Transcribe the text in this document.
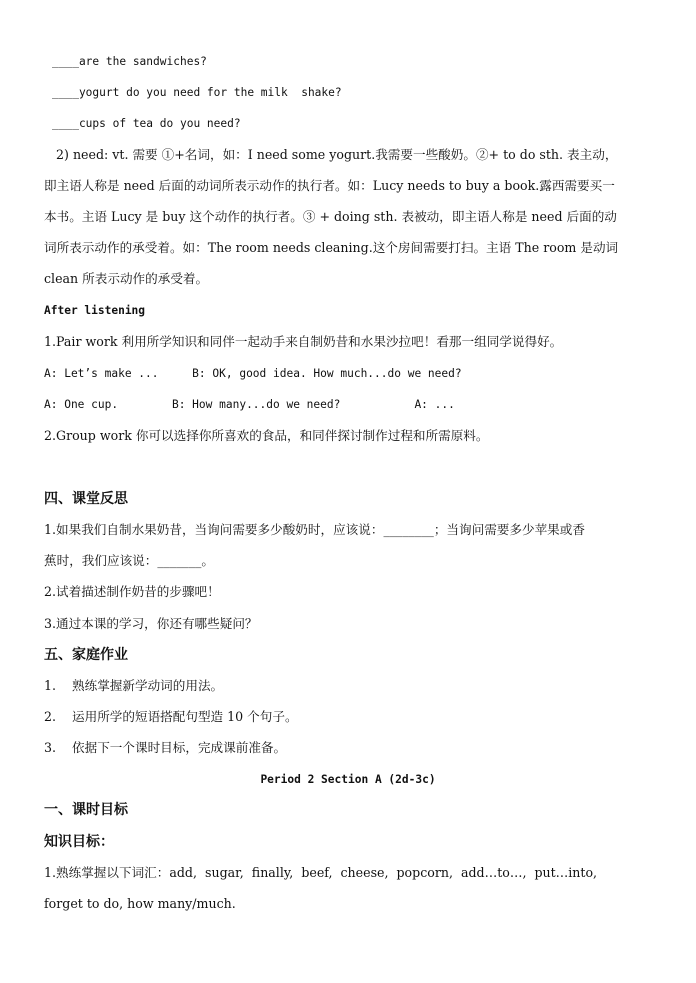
____are the sandwiches?
____yogurt do you need for the milk  shake?
____cups of tea do you need?
2) need: vt. 需要 ①+名词，如：I need some yogurt.我需要一些酸奶。②+ to do sth. 表主动，
即主语人称是 need 后面的动词所表示动作的执行者。如：Lucy needs to buy a book.露西需要买一
本书。主语 Lucy 是 buy 这个动作的执行者。③ + doing sth. 表被动，即主语人称是 need 后面的动
词所表示动作的承受着。如：The room needs cleaning.这个房间需要打扫。主语 The room 是动词
clean 所表示动作的承受着。
After listening
1.Pair work 利用所学知识和同伴一起动手来自制奶昔和水果沙拉吧！看那一组同学说得好。
A: Let’s make ...     B: OK, good idea. How much...do we need?
A: One cup.        B: How many...do we need?           A: ...
2.Group work 你可以选择你所喜欢的食品，和同伴探讨制作过程和所需原料。
四、课堂反思
1.如果我们自制水果奶昔，当询问需要多少酸奶时，应该说：________；当询问需要多少苹果或香
蕉时，我们应该说：_______。
2.试着描述制作奶昔的步骤吧！
3.通过本课的学习，你还有哪些疑问？
五、家庭作业
1.    熟练掌握新学动词的用法。
2.    运用所学的短语搭配句型造 10 个句子。
3.    依据下一个课时目标，完成课前准备。
Period 2 Section A (2d-3c)
一、课时目标
知识目标：
1.熟练掌握以下词汇：add,  sugar,  finally,  beef,  cheese,  popcorn,  add…to…,  put…into,
forget to do, how many/much.
